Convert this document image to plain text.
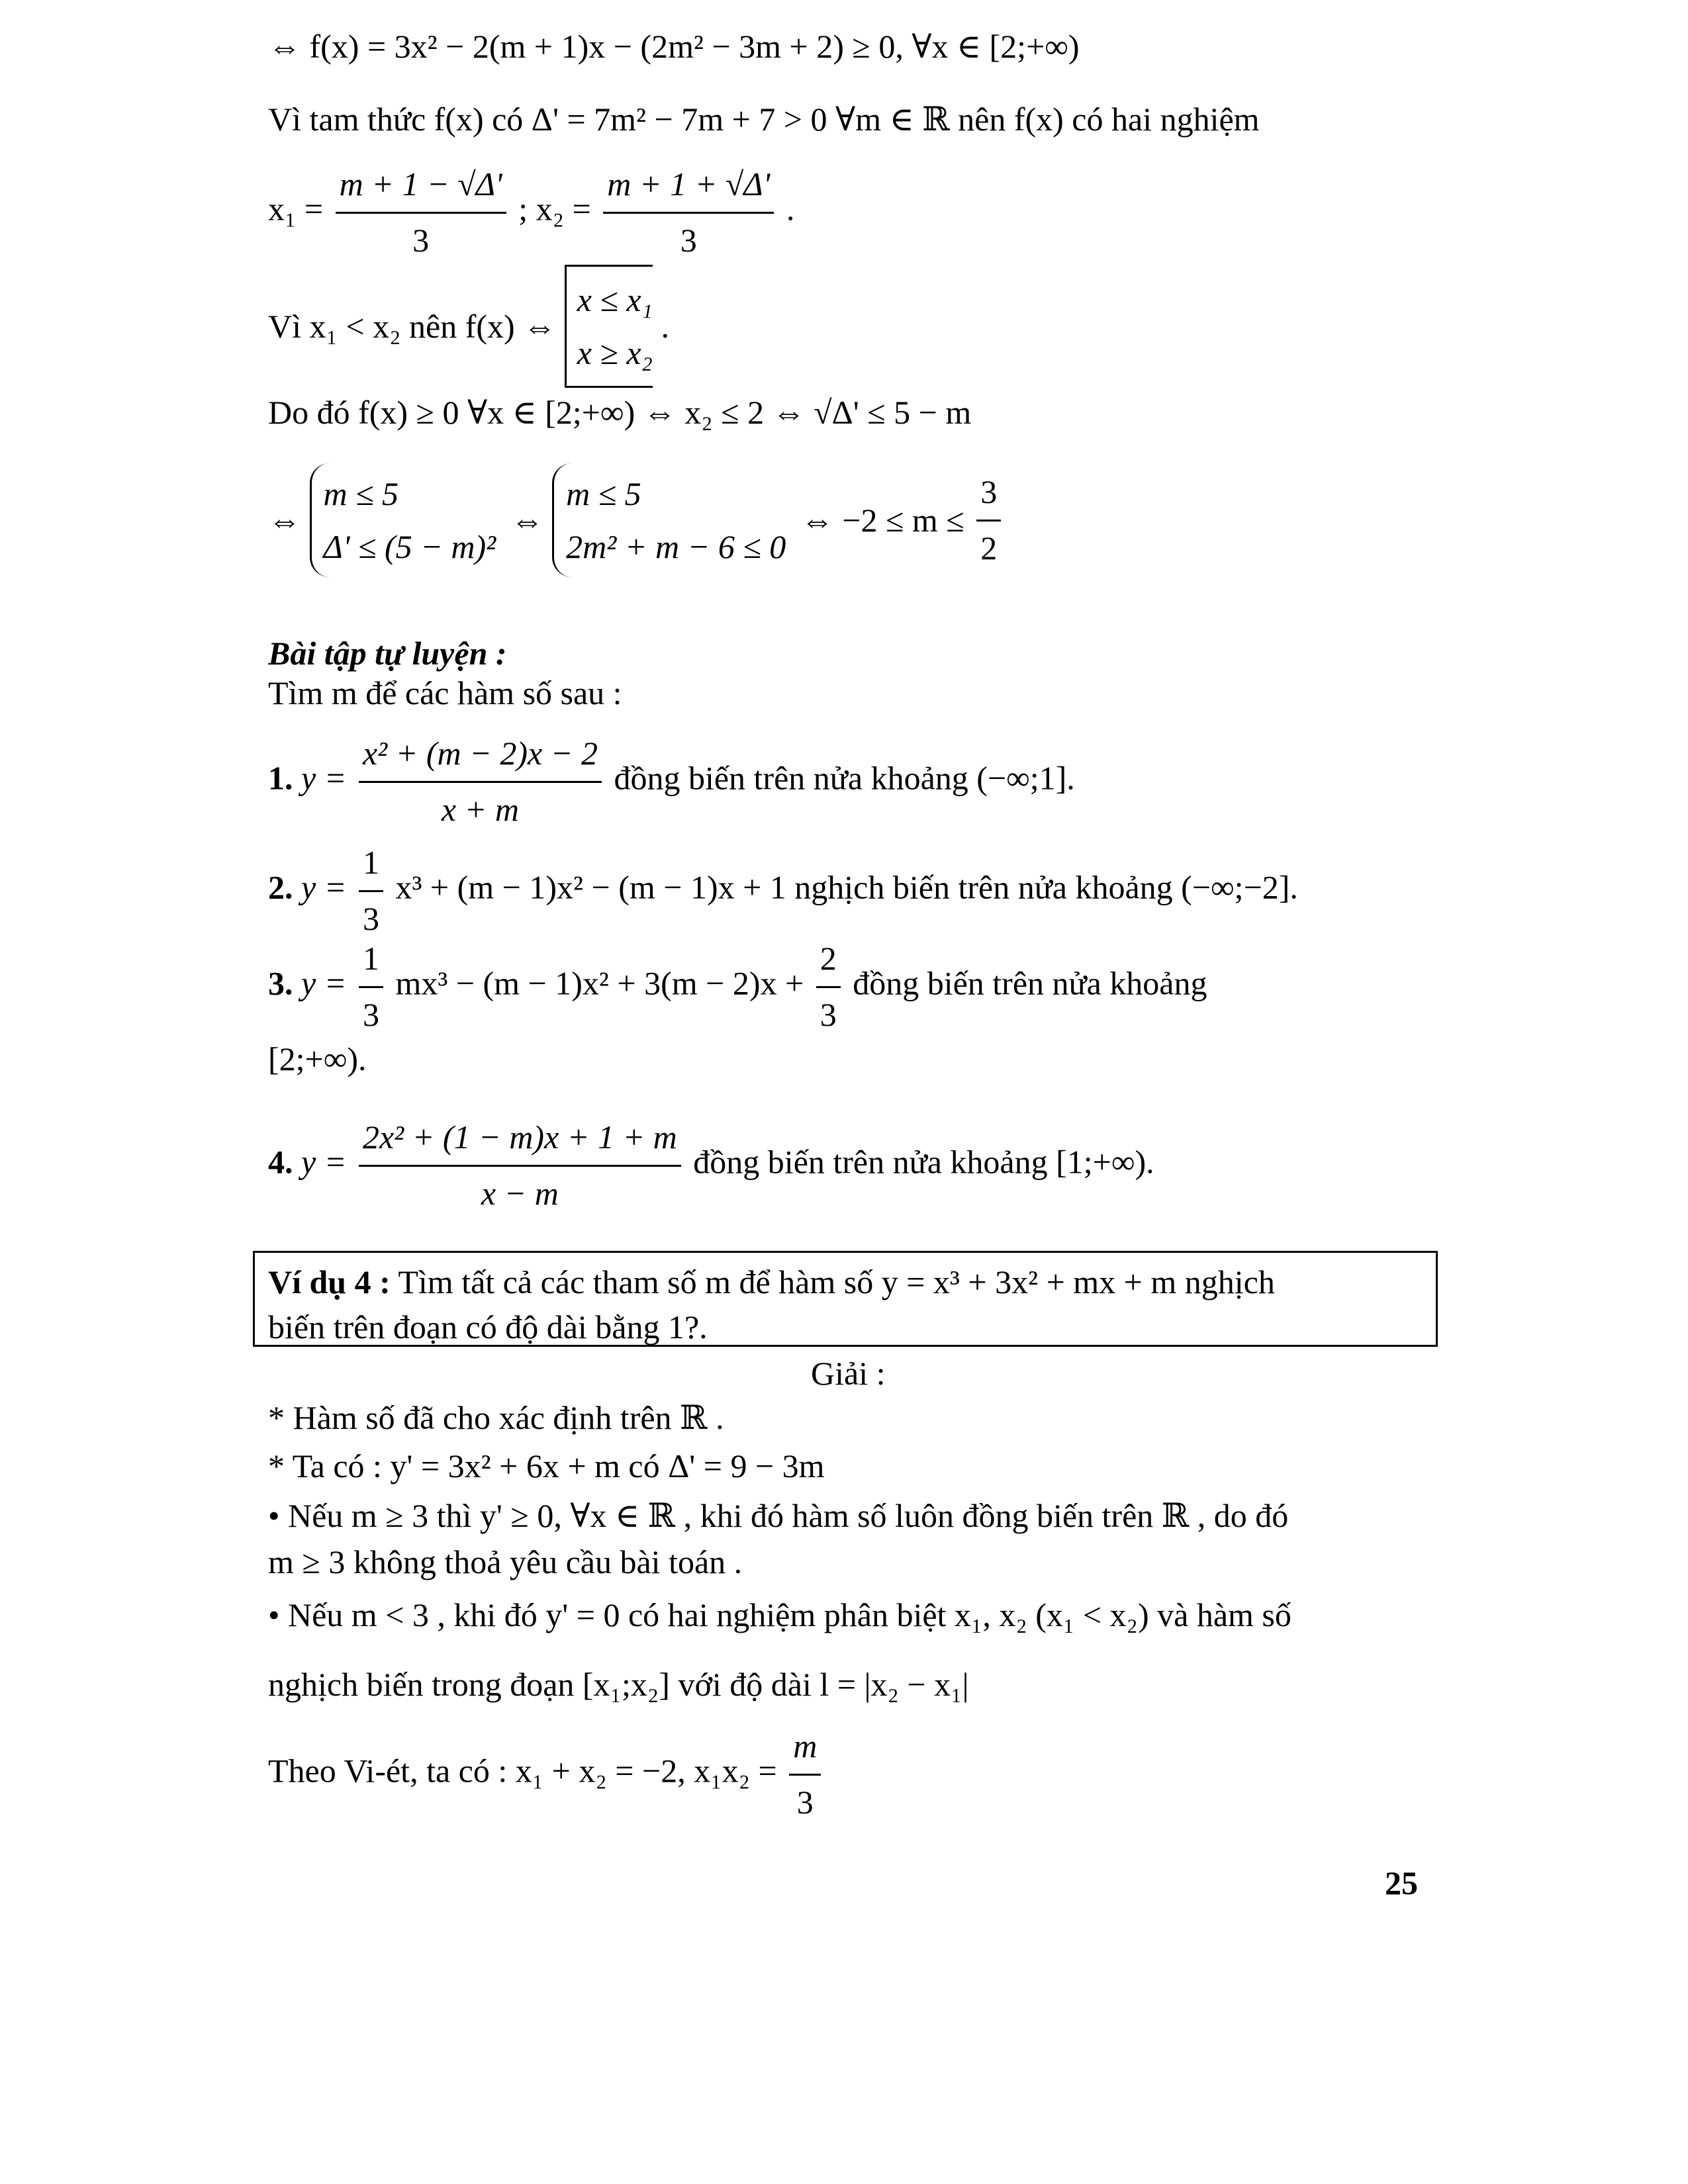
⇔ f(x) = 3x² − 2(m + 1)x − (2m² − 3m + 2) ≥ 0, ∀x ∈ [2;+∞)
Vì tam thức f(x) có Δ' = 7m² − 7m + 7 > 0 ∀m ∈ ℝ nên f(x) có hai nghiệm
$x_1 = \frac{m + 1 - √\Delta'}{3}$ ; $x_2 = \frac{m + 1 + √\Delta'}{3}$ .
Vì x₁ < x₂ nên f(x) ⇔
x ≤ x₁
x ≥ x₂
.
Do đó f(x) ≥ 0 ∀x ∈ [2;+∞) ⇔ x₂ ≤ 2 ⇔ √Δ' ≤ 5 − m
⇔
m ≤ 5
Δ' ≤ (5 − m)²
⇔
m ≤ 5
2m² + m − 6 ≤ 0
⇔ $-2 \le m \le \frac{3}{2}$
Bài tập tự luyện :
Tìm m để các hàm số sau :
1. $y = \frac{\text{x² + (m − 2)x − 2}}{x + m}$ đồng biến trên nửa khoảng (−∞;1].
2. $y = \frac{1}{3} x^3 + (m - 1)x^2 - (m - 1)x + 1$ nghịch biến trên nửa khoảng (−∞;−2].
3. $y = \frac{1}{3} mx^3 - (m - 1)x^2 + 3(m - 2)x + \frac{2}{3}$ đồng biến trên nửa khoảng
[2;+∞).
4. $y = \frac{\text{2x² + (1 − m)x + 1 + m}}{x - m}$ đồng biến trên nửa khoảng [1;+∞).
Ví dụ 4 : Tìm tất cả các tham số m để hàm số y = x³ + 3x² + mx + m nghịch
biến trên đoạn có độ dài bằng 1?.
Giải :
* Hàm số đã cho xác định trên ℝ .
* Ta có : y' = 3x² + 6x + m có Δ' = 9 − 3m
• Nếu m ≥ 3 thì y' ≥ 0, ∀x ∈ ℝ , khi đó hàm số luôn đồng biến trên ℝ , do đó
m ≥ 3 không thoả yêu cầu bài toán .
• Nếu m < 3 , khi đó y' = 0 có hai nghiệm phân biệt x₁, x₂ (x₁ < x₂) và hàm số
nghịch biến trong đoạn [x₁;x₂] với độ dài l = |x₂ − x₁|
Theo Vi-ét, ta có : x₁ + x₂ = −2, $x_1x_2 = \frac{m}{3}$
25
